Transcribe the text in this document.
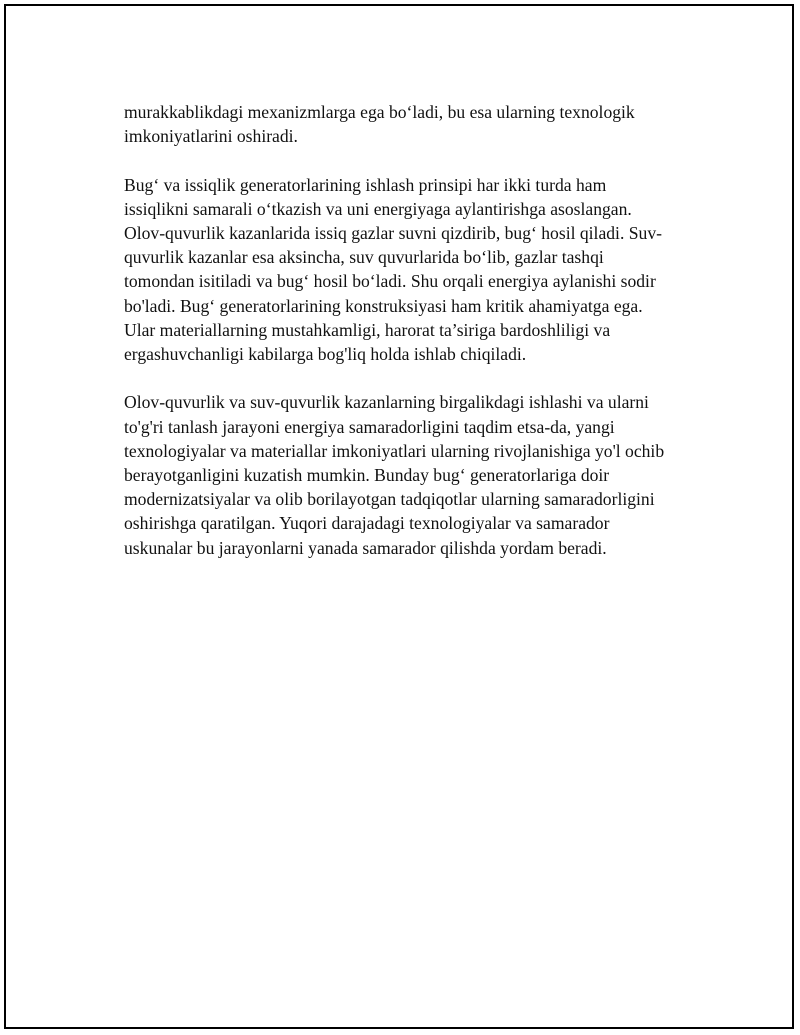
murakkablikdagi mexanizmlarga ega bo‘ladi, bu esa ularning texnologik
imkoniyatlarini oshiradi.

Bug‘ va issiqlik generatorlarining ishlash prinsipi har ikki turda ham
issiqlikni samarali o‘tkazish va uni energiyaga aylantirishga asoslangan.
Olov-quvurlik kazanlarida issiq gazlar suvni qizdirib, bug‘ hosil qiladi. Suv-
quvurlik kazanlar esa aksincha, suv quvurlarida bo‘lib, gazlar tashqi
tomondan isitiladi va bug‘ hosil bo‘ladi. Shu orqali energiya aylanishi sodir
bo'ladi. Bug‘ generatorlarining konstruksiyasi ham kritik ahamiyatga ega.
Ular materiallarning mustahkamligi, harorat ta’siriga bardoshliligi va
ergashuvchanligi kabilarga bog'liq holda ishlab chiqiladi.

Olov-quvurlik va suv-quvurlik kazanlarning birgalikdagi ishlashi va ularni
to'g'ri tanlash jarayoni energiya samaradorligini taqdim etsa-da, yangi
texnologiyalar va materiallar imkoniyatlari ularning rivojlanishiga yo'l ochib
berayotganligini kuzatish mumkin. Bunday bug‘ generatorlariga doir
modernizatsiyalar va olib borilayotgan tadqiqotlar ularning samaradorligini
oshirishga qaratilgan. Yuqori darajadagi texnologiyalar va samarador
uskunalar bu jarayonlarni yanada samarador qilishda yordam beradi.
